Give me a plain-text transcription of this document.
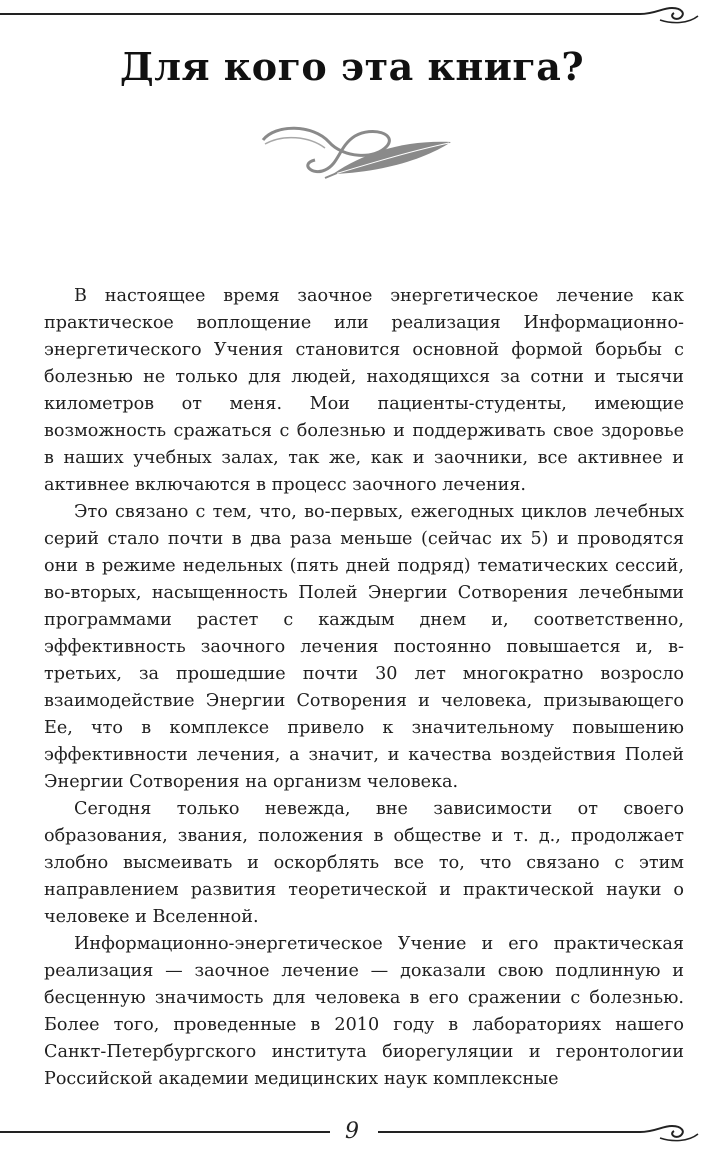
Для кого эта книга?

В настоящее время заочное энергетическое лечение как практическое воплощение или реализация Информационно-энергетического Учения становится основной формой борьбы с болезнью не только для людей, находящихся за сотни и тысячи километров от меня. Мои пациенты-студенты, имеющие возможность сражаться с болезнью и поддерживать свое здоровье в наших учебных залах, так же, как и заочники, все активнее и активнее включаются в процесс заочного лечения.

Это связано с тем, что, во-первых, ежегодных циклов лечебных серий стало почти в два раза меньше (сейчас их 5) и проводятся они в режиме недельных (пять дней подряд) тематических сессий, во-вторых, насыщенность Полей Энергии Сотворения лечебными программами растет с каждым днем и, соответственно, эффективность заочного лечения постоянно повышается и, в-третьих, за прошедшие почти 30 лет многократно возросло взаимодействие Энергии Сотворения и человека, призывающего Ее, что в комплексе привело к значительному повышению эффективности лечения, а значит, и качества воздействия Полей Энергии Сотворения на организм человека.

Сегодня только невежда, вне зависимости от своего образования, звания, положения в обществе и т. д., продолжает злобно высмеивать и оскорблять все то, что связано с этим направлением развития теоретической и практической науки о человеке и Вселенной.

Информационно-энергетическое Учение и его практическая реализация — заочное лечение — доказали свою подлинную и бесценную значимость для человека в его сражении с болезнью. Более того, проведенные в 2010 году в лабораториях нашего Санкт-Петербургского института биорегуляции и геронтологии Российской академии медицинских наук комплексные

9
